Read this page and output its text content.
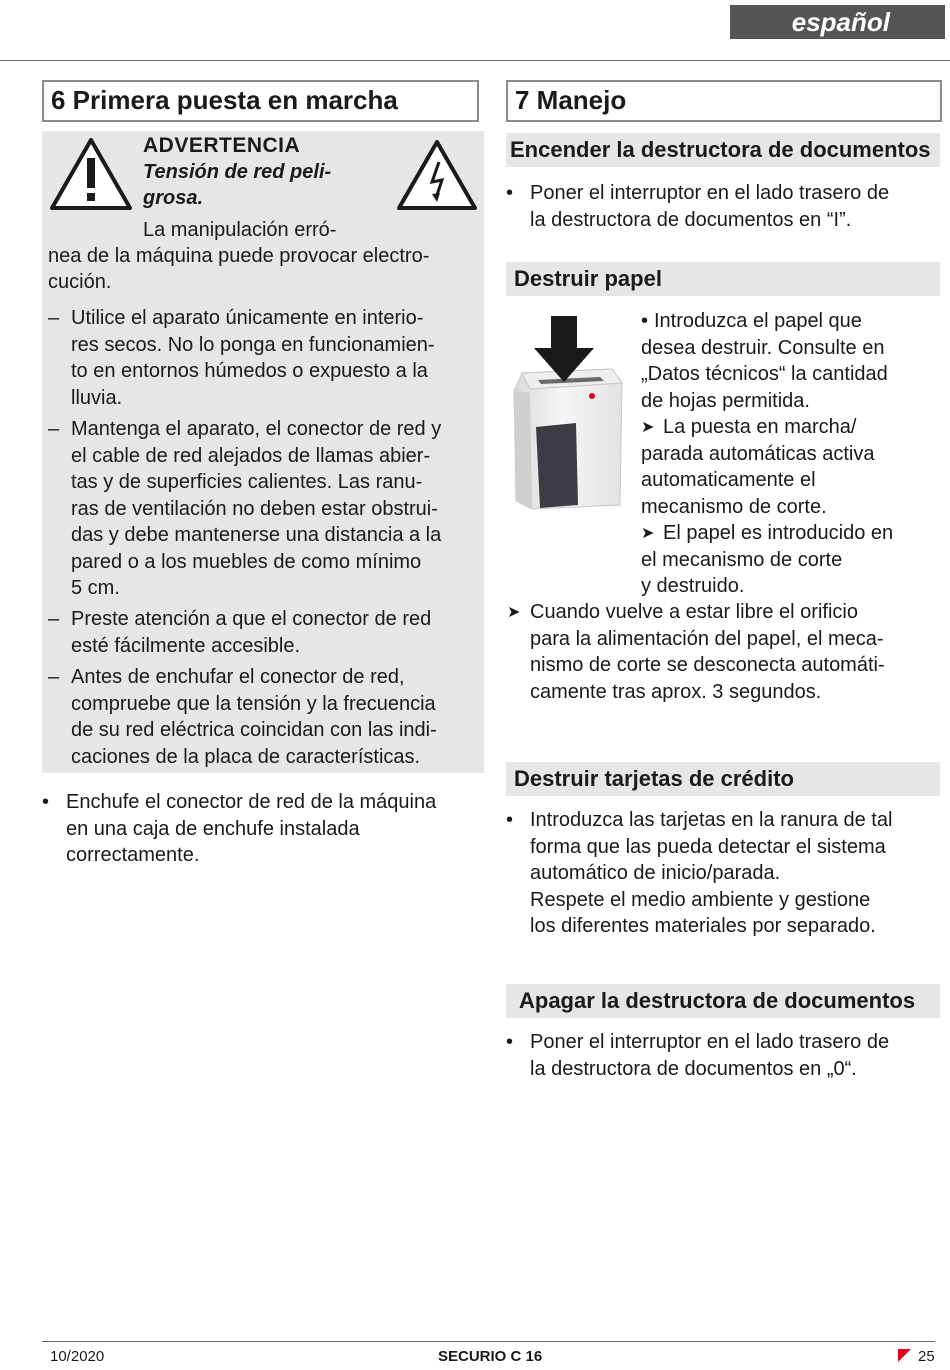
español
6 Primera puesta en marcha
ADVERTENCIA
Tensión de red peli-
grosa.
La manipulación erró-
nea de la máquina puede provocar electro-
cución.
– Utilice el aparato únicamente en interio-
res secos. No lo ponga en funcionamien-
to en entornos húmedos o expuesto a la
lluvia.
– Mantenga el aparato, el conector de red y
el cable de red alejados de llamas abier-
tas y de superficies calientes. Las ranu-
ras de ventilación no deben estar obstrui-
das y debe mantenerse una distancia a la
pared o a los muebles de como mínimo
5 cm.
– Preste atención a que el conector de red
esté fácilmente accesible.
– Antes de enchufar el conector de red,
compruebe que la tensión y la frecuencia
de su red eléctrica coincidan con las indi-
caciones de la placa de características.
• Enchufe el conector de red de la máquina
en una caja de enchufe instalada
correctamente.
7 Manejo
Encender la destructora de documentos
• Poner el interruptor en el lado trasero de
la destructora de documentos en “I”.
Destruir papel
• Introduzca el papel que
desea destruir. Consulte en
„Datos técnicos“ la cantidad
de hojas permitida.
➤ La puesta en marcha/
parada automáticas activa
automaticamente el
mecanismo de corte.
➤ El papel es introducido en
el mecanismo de corte
y destruido.
➤ Cuando vuelve a estar libre el orificio
para la alimentación del papel, el meca-
nismo de corte se desconecta automáti-
camente tras aprox. 3 segundos.
Destruir tarjetas de crédito
• Introduzca las tarjetas en la ranura de tal
forma que las pueda detectar el sistema
automático de inicio/parada.
Respete el medio ambiente y gestione
los diferentes materiales por separado.
Apagar la destructora de documentos
• Poner el interruptor en el lado trasero de
la destructora de documentos en „0“.
10/2020	SECURIO C 16	25
